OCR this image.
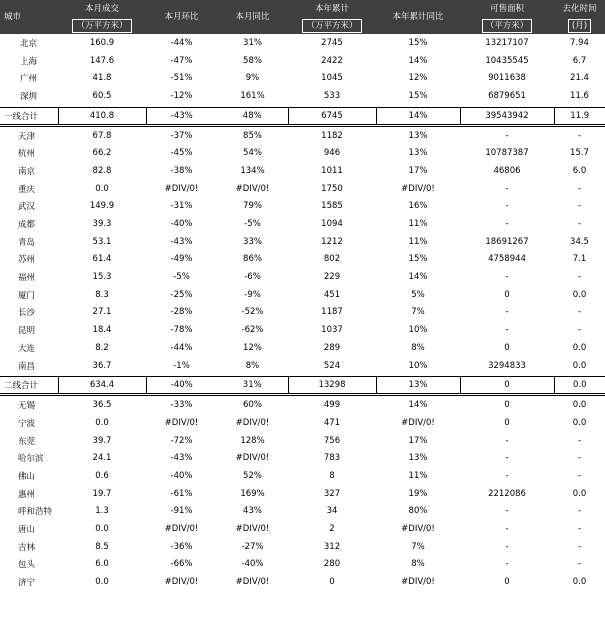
城市	本月成交	本月环比	本月同比	本年累计	本年累计同比	可售面积	去化时间
	（万平方米）			（万平方米）		（平方米）	(月)
北京	160.9	-44%	31%	2745	15%	13217107	7.94
上海	147.6	-47%	58%	2422	14%	10435545	6.7
广州	41.8	-51%	9%	1045	12%	9011638	21.4
深圳	60.5	-12%	161%	533	15%	6879651	11.6

一线合计	410.8	-43%	48%	6745	14%	39543942	11.9
天津	67.8	-37%	85%	1182	13%	-	-
杭州	66.2	-45%	54%	946	13%	10787387	15.7
南京	82.8	-38%	134%	1011	17%	46806	6.0
重庆	0.0	#DIV/0!	#DIV/0!	1750	#DIV/0!	-	-
武汉	149.9	-31%	79%	1585	16%	-	-
成都	39.3	-40%	-5%	1094	11%	-	-
青岛	53.1	-43%	33%	1212	11%	18691267	34.5
苏州	61.4	-49%	86%	802	15%	4758944	7.1
福州	15.3	-5%	-6%	229	14%	-	-
厦门	8.3	-25%	-9%	451	5%	0	0.0
长沙	27.1	-28%	-52%	1187	7%	-	-
昆明	18.4	-78%	-62%	1037	10%	-	-
大连	8.2	-44%	12%	289	8%	0	0.0
南昌	36.7	-1%	8%	524	10%	3294833	0.0

二线合计	634.4	-40%	31%	13298	13%	0	0.0
无锡	36.5	-33%	60%	499	14%	0	0.0
宁波	0.0	#DIV/0!	#DIV/0!	471	#DIV/0!	0	0.0
东莞	39.7	-72%	128%	756	17%	-	-
哈尔滨	24.1	-43%	#DIV/0!	783	13%	-	-
佛山	0.6	-40%	52%	8	11%	-	-
惠州	19.7	-61%	169%	327	19%	2212086	0.0
呼和浩特	1.3	-91%	43%	34	80%	-	-
唐山	0.0	#DIV/0!	#DIV/0!	2	#DIV/0!	-	-
吉林	8.5	-36%	-27%	312	7%	-	-
包头	6.0	-66%	-40%	280	8%	-	-
济宁	0.0	#DIV/0!	#DIV/0!	0	#DIV/0!	0	0.0
